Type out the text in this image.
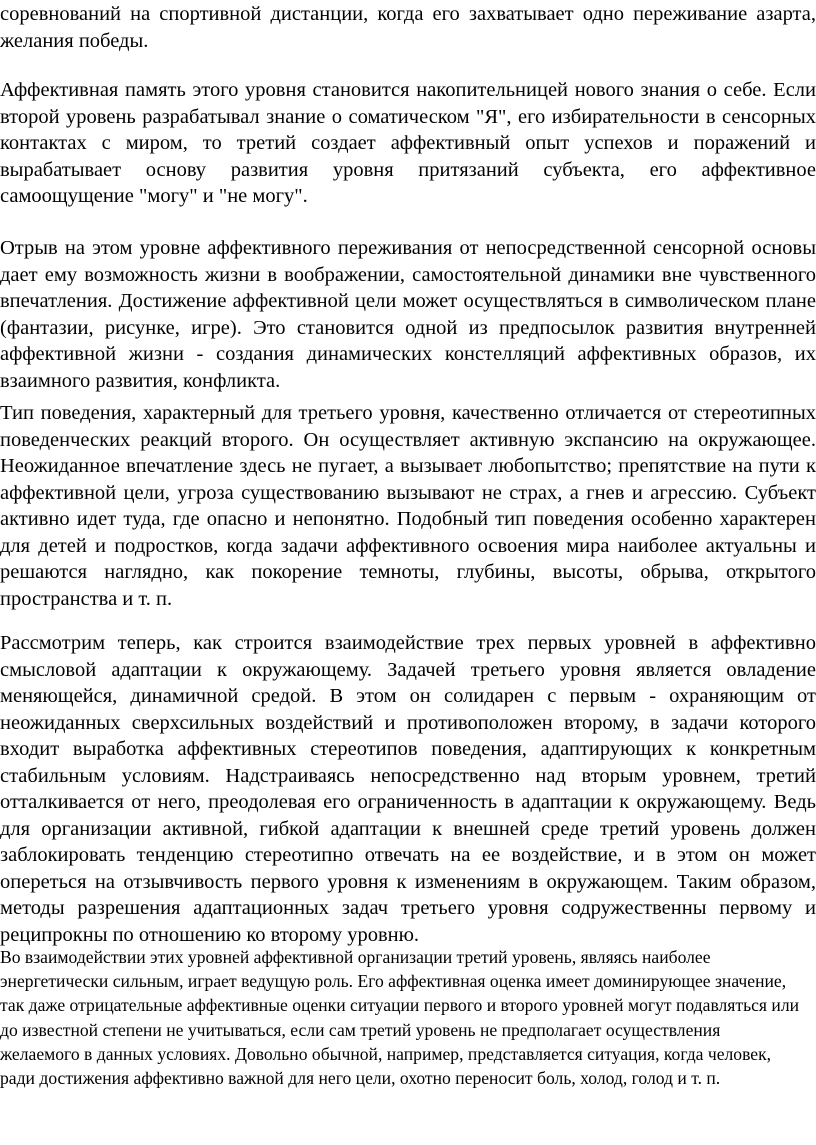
соревнований на спортивной дистанции, когда его захватывает одно переживание азарта, желания победы.

Аффективная память этого уровня становится накопительницей нового знания о себе. Если второй уровень разрабатывал знание о соматическом "Я", его избирательности в сенсорных контактах с миром, то третий создает аффективный опыт успехов и поражений и вырабатывает основу развития уровня притязаний субъекта, его аффективное самоощущение "могу" и "не могу".

Отрыв на этом уровне аффективного переживания от непосредственной сенсорной основы дает ему возможность жизни в воображении, самостоятельной динамики вне чувственного впечатления. Достижение аффективной цели может осуществляться в символическом плане (фантазии, рисунке, игре). Это становится одной из предпосылок развития внутренней аффективной жизни - создания динамических констелляций аффективных образов, их взаимного развития, конфликта.

Тип поведения, характерный для третьего уровня, качественно отличается от стереотипных поведенческих реакций второго. Он осуществляет активную экспансию на окружающее. Неожиданное впечатление здесь не пугает, а вызывает любопытство; препятствие на пути к аффективной цели, угроза существованию вызывают не страх, а гнев и агрессию. Субъект активно идет туда, где опасно и непонятно. Подобный тип поведения особенно характерен для детей и подростков, когда задачи аффективного освоения мира наиболее актуальны и решаются наглядно, как покорение темноты, глубины, высоты, обрыва, открытого пространства и т. п.

Рассмотрим теперь, как строится взаимодействие трех первых уровней в аффективно смысловой адаптации к окружающему. Задачей третьего уровня является овладение меняющейся, динамичной средой. В этом он солидарен с первым - охраняющим от неожиданных сверхсильных воздействий и противоположен второму, в задачи которого входит выработка аффективных стереотипов поведения, адаптирующих к конкретным стабильным условиям. Надстраиваясь непосредственно над вторым уровнем, третий отталкивается от него, преодолевая его ограниченность в адаптации к окружающему. Ведь для организации активной, гибкой адаптации к внешней среде третий уровень должен заблокировать тенденцию стереотипно отвечать на ее воздействие, и в этом он может опереться на отзывчивость первого уровня к изменениям в окружающем. Таким образом, методы разрешения адаптационных задач третьего уровня содружественны первому и реципрокны по отношению ко второму уровню.

Во взаимодействии этих уровней аффективной организации третий уровень, являясь наиболее энергетически сильным, играет ведущую роль. Его аффективная оценка имеет доминирующее значение, так даже отрицательные аффективные оценки ситуации первого и второго уровней могут подавляться или до известной степени не учитываться, если сам третий уровень не предполагает осуществления желаемого в данных условиях. Довольно обычной, например, представляется ситуация, когда человек, ради достижения аффективно важной для него цели, охотно переносит боль, холод, голод и т. п.
